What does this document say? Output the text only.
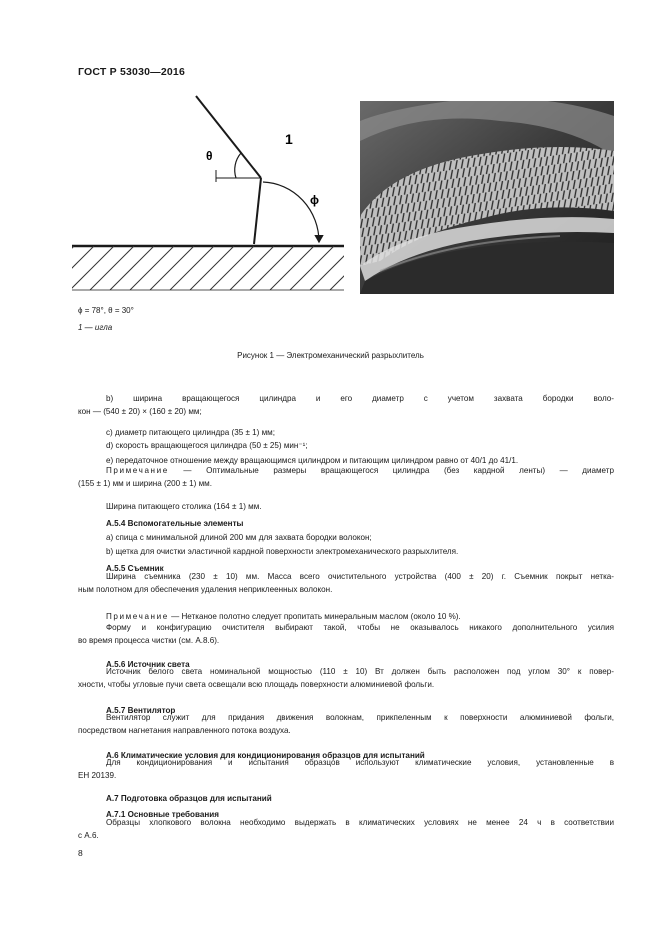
ГОСТ Р 53030—2016
θ
ϕ
1
ϕ = 78°, θ = 30°
1 — игла
Рисунок 1 — Электромеханический разрыхлитель

b) ширина вращающегося цилиндра и его диаметр с учетом захвата бородки воло-

кон — (540 ± 20) × (160 ± 20) мм;

c) диаметр питающего цилиндра (35 ± 1) мм;

d) скорость вращающегося цилиндра (50 ± 25) мин⁻¹;

e) передаточное отношение между вращающимся цилиндром и питающим цилиндром равно от 40/1 до 41/1.

Примечание — Оптимальные размеры вращающегося цилиндра (без кардной ленты) — диаметр

(155 ± 1) мм и ширина (200 ± 1) мм.

Ширина питающего столика (164 ± 1) мм.

А.5.4 Вспомогательные элементы

a) спица с минимальной длиной 200 мм для захвата бородки волокон;

b) щетка для очистки эластичной кардной поверхности электромеханического разрыхлителя.

А.5.5 Съемник

Ширина съемника (230 ± 10) мм. Масса всего очистительного устройства (400 ± 20) г. Съемник покрыт нетка-

ным полотном для обеспечения удаления неприклеенных волокон.

Примечание — Нетканое полотно следует пропитать минеральным маслом (около 10 %).

Форму и конфигурацию очистителя выбирают такой, чтобы не оказывалось никакого дополнительного усилия

во время процесса чистки (см. А.8.6).

А.5.6 Источник света

Источник белого света номинальной мощностью (110 ± 10) Вт должен быть расположен под углом 30° к повер-

хности, чтобы угловые пучи света освещали всю площадь поверхности алюминиевой фольги.

А.5.7 Вентилятор

Вентилятор служит для придания движения волокнам, прикпеленным к поверхности алюминиевой фольги,

посредством нагнетания направленного потока воздуха.

А.6 Климатические условия для кондиционирования образцов для испытаний

Для кондиционирования и испытания образцов используют климатические условия, установленные в

ЕН 20139.

А.7 Подготовка образцов для испытаний

А.7.1 Основные требования

Образцы хлопкового волокна необходимо выдержать в климатических условиях не менее 24 ч в соответствии

с А.6.

8
